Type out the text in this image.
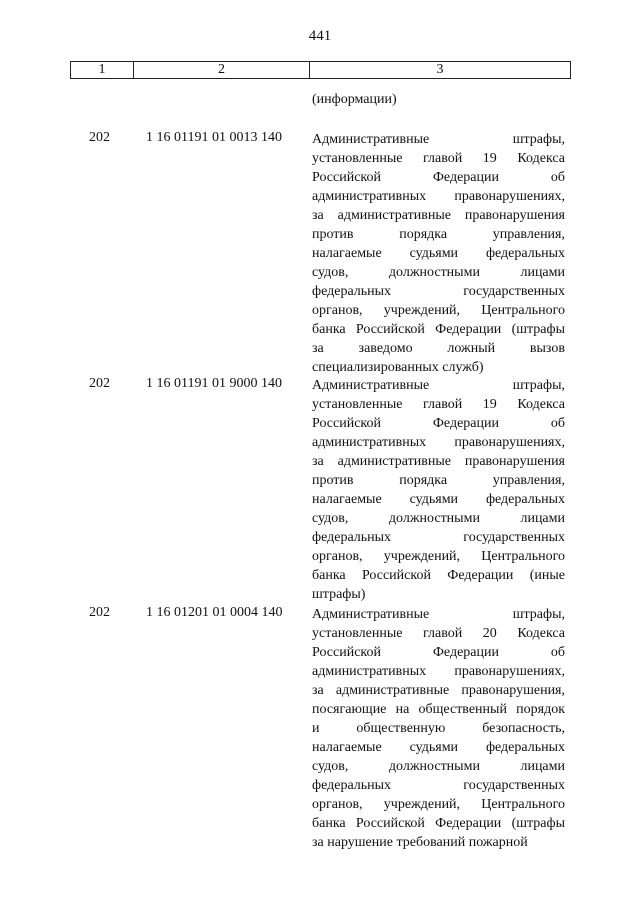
441
1	2	3
(информации)
202	1 16 01191 01 0013 140 Административные штрафы,
установленные главой 19 Кодекса
Российской Федерации об
административных правонарушениях,
за административные правонарушения
против порядка управления,
налагаемые судьями федеральных
судов, должностными лицами
федеральных государственных
органов, учреждений, Центрального
банка Российской Федерации (штрафы
за заведомо ложный вызов
специализированных служб)
202	1 16 01191 01 9000 140 Административные штрафы,
установленные главой 19 Кодекса
Российской Федерации об
административных правонарушениях,
за административные правонарушения
против порядка управления,
налагаемые судьями федеральных
судов, должностными лицами
федеральных государственных
органов, учреждений, Центрального
банка Российской Федерации (иные
штрафы)
202	1 16 01201 01 0004 140 Административные штрафы,
установленные главой 20 Кодекса
Российской Федерации об
административных правонарушениях,
за административные правонарушения,
посягающие на общественный порядок
и общественную безопасность,
налагаемые судьями федеральных
судов, должностными лицами
федеральных государственных
органов, учреждений, Центрального
банка Российской Федерации (штрафы
за нарушение требований пожарной
